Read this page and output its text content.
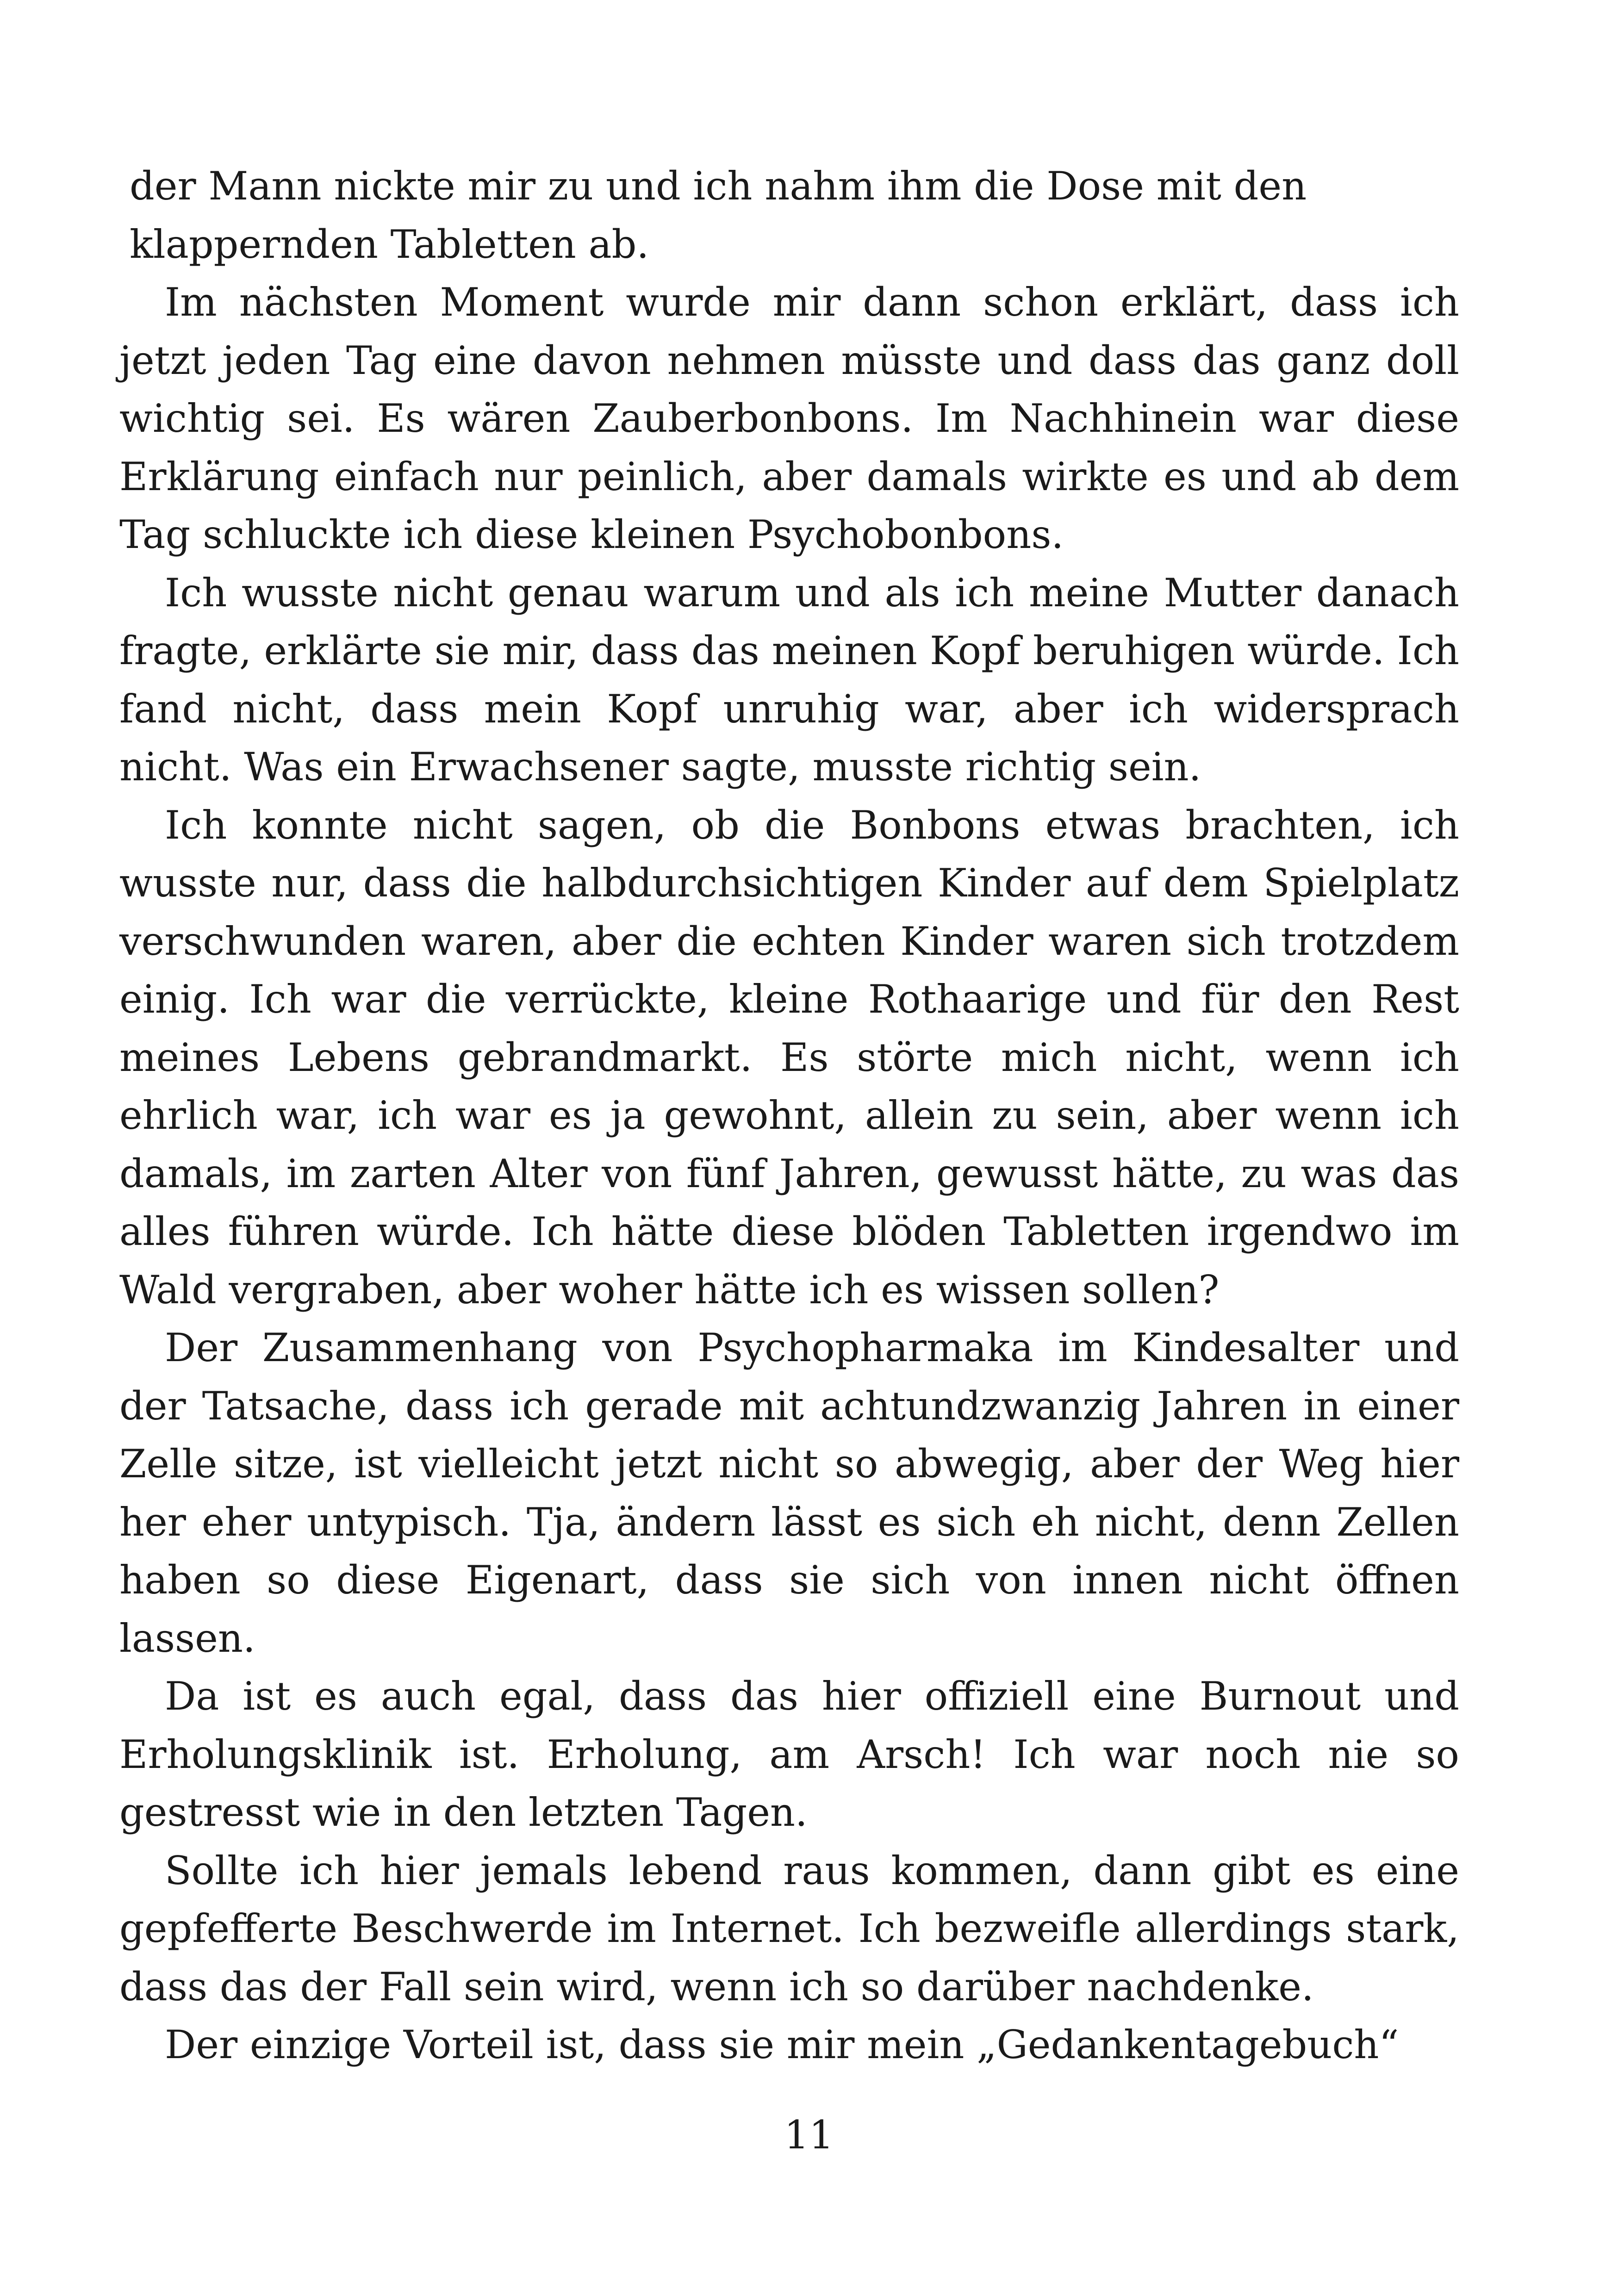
der Mann nickte mir zu und ich nahm ihm die Dose mit den klappernden Tabletten ab.

Im nächsten Moment wurde mir dann schon erklärt, dass ich jetzt jeden Tag eine davon nehmen müsste und dass das ganz doll wichtig sei. Es wären Zauberbonbons. Im Nachhinein war diese Erklärung einfach nur peinlich, aber damals wirkte es und ab dem Tag schluckte ich diese kleinen Psychobonbons.

Ich wusste nicht genau warum und als ich meine Mutter danach fragte, erklärte sie mir, dass das meinen Kopf beruhigen würde. Ich fand nicht, dass mein Kopf unruhig war, aber ich widersprach nicht. Was ein Erwachsener sagte, musste richtig sein.

Ich konnte nicht sagen, ob die Bonbons etwas brachten, ich wusste nur, dass die halbdurchsichtigen Kinder auf dem Spielplatz verschwunden waren, aber die echten Kinder waren sich trotzdem einig. Ich war die verrückte, kleine Rothaarige und für den Rest meines Lebens gebrandmarkt. Es störte mich nicht, wenn ich ehrlich war, ich war es ja gewohnt, allein zu sein, aber wenn ich damals, im zarten Alter von fünf Jahren, gewusst hätte, zu was das alles führen würde. Ich hätte diese blöden Tabletten irgendwo im Wald vergraben, aber woher hätte ich es wissen sollen?

Der Zusammenhang von Psychopharmaka im Kindesalter und der Tatsache, dass ich gerade mit achtundzwanzig Jahren in einer Zelle sitze, ist vielleicht jetzt nicht so abwegig, aber der Weg hier her eher untypisch. Tja, ändern lässt es sich eh nicht, denn Zellen haben so diese Eigenart, dass sie sich von innen nicht öffnen lassen.

Da ist es auch egal, dass das hier offiziell eine Burnout und Erholungsklinik ist. Erholung, am Arsch! Ich war noch nie so gestresst wie in den letzten Tagen.

Sollte ich hier jemals lebend raus kommen, dann gibt es eine gepfefferte Beschwerde im Internet. Ich bezweifle allerdings stark, dass das der Fall sein wird, wenn ich so darüber nachdenke.

Der einzige Vorteil ist, dass sie mir mein „Gedankentagebuch“

11
